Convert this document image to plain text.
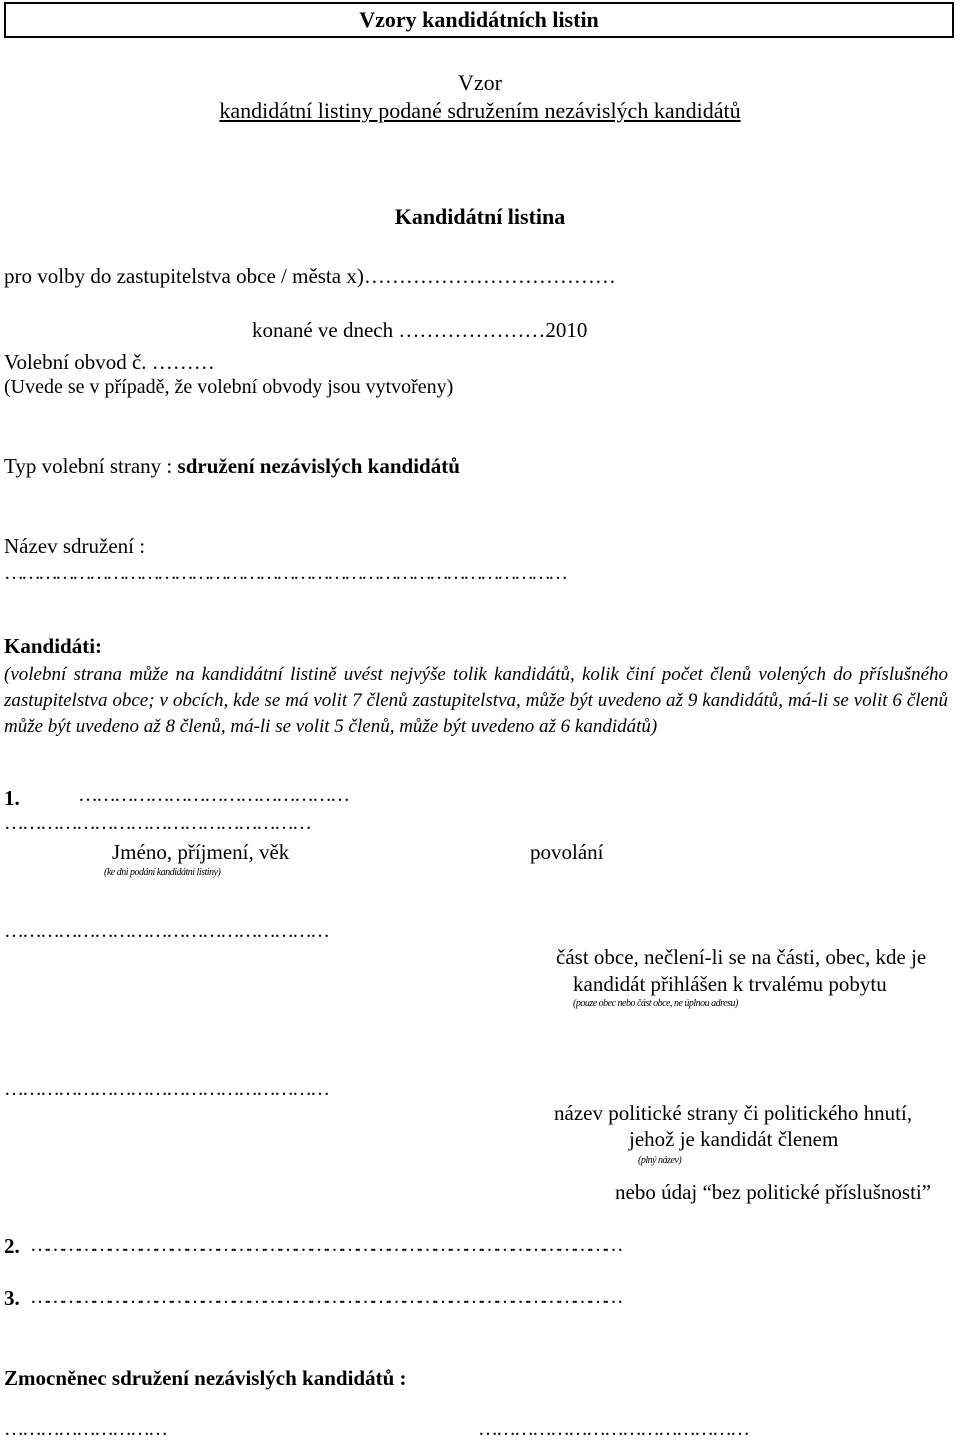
Vzory kandidátních listin
Vzor
kandidátní listiny podané sdružením nezávislých kandidátů
Kandidátní listina
pro volby do zastupitelstva obce / města x)………………………………
konané ve dnech …………………2010
Volební obvod č. ………
(Uvede se v případě, že volební obvody jsou vytvořeny)
Typ volební strany : sdružení nezávislých kandidátů
Název sdružení :
………………………………………………………………………………………
Kandidáti:
(volební strana může na kandidátní listině uvést nejvýše tolik kandidátů, kolik činí počet členů volených do příslušného zastupitelstva obce; v obcích, kde se má volit 7 členů zastupitelstva, může být uvedeno až 9 kandidátů, má-li se volit 6 členů může být uvedeno až 8 členů, má-li se volit 5 členů, může být uvedeno až 6 kandidátů)
1.	………………………………………
……………………………………………
Jméno, příjmení, věk
(ke dni podání kandidátní listiny)
povolání
………………………………………………
část obce, nečlení-li se na části, obec, kde je
kandidát přihlášen k trvalému pobytu
(pouze obec nebo část obce, ne úplnou adresu)
………………………………………………
název politické strany či politického hnutí,
jehož je kandidát členem
(plný název)
nebo údaj “bez politické příslušnosti”
2. ……………………………………………………………………………………………………
3. ……………………………………………………………………………………………………
Zmocněnec sdružení nezávislých kandidátů :
………………………	………………………………………
